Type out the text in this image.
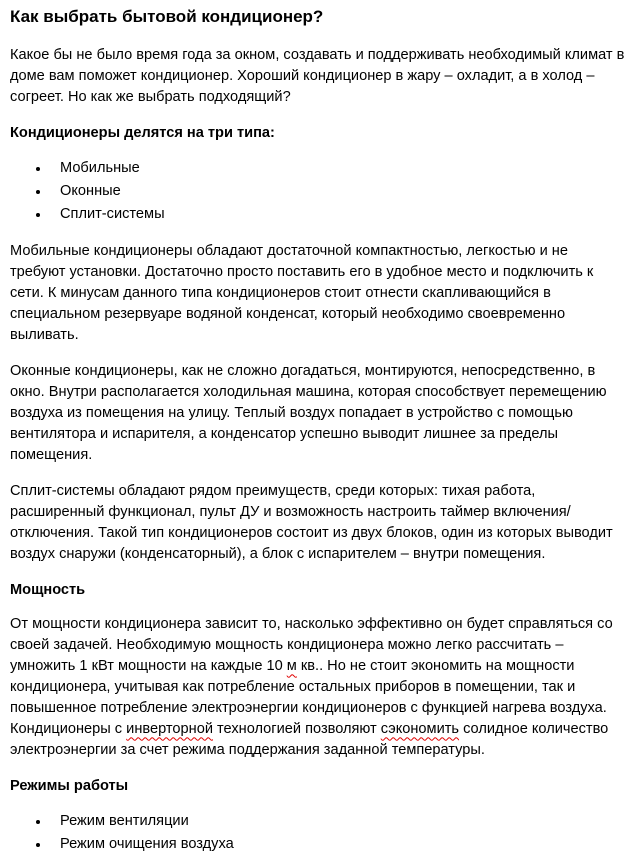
Как выбрать бытовой кондиционер?

Какое бы не было время года за окном, создавать и поддерживать необходимый климат в доме вам поможет кондиционер. Хороший кондиционер в жару – охладит, а в холод – согреет. Но как же выбрать подходящий?

Кондиционеры делятся на три типа:

• Мобильные
• Оконные
• Сплит-системы

Мобильные кондиционеры обладают достаточной компактностью, легкостью и не требуют установки. Достаточно просто поставить его в удобное место и подключить к сети. К минусам данного типа кондиционеров стоит отнести скапливающийся в специальном резервуаре водяной конденсат, который необходимо своевременно выливать.

Оконные кондиционеры, как не сложно догадаться, монтируются, непосредственно, в окно. Внутри располагается холодильная машина, которая способствует перемещению воздуха из помещения на улицу. Теплый воздух попадает в устройство с помощью вентилятора и испарителя, а конденсатор успешно выводит лишнее за пределы помещения.

Сплит-системы обладают рядом преимуществ, среди которых: тихая работа, расширенный функционал, пульт ДУ и возможность настроить таймер включения/отключения. Такой тип кондиционеров состоит из двух блоков, один из которых выводит воздух снаружи (конденсаторный), а блок с испарителем – внутри помещения.

Мощность

От мощности кондиционера зависит то, насколько эффективно он будет справляться со своей задачей. Необходимую мощность кондиционера можно легко рассчитать – умножить 1 кВт мощности на каждые 10 м кв.. Но не стоит экономить на мощности кондиционера, учитывая как потребление остальных приборов в помещении, так и повышенное потребление электроэнергии кондиционеров с функцией нагрева воздуха. Кондиционеры с инверторной технологией позволяют сэкономить солидное количество электроэнергии за счет режима поддержания заданной температуры.

Режимы работы

• Режим вентиляции
• Режим очищения воздуха
